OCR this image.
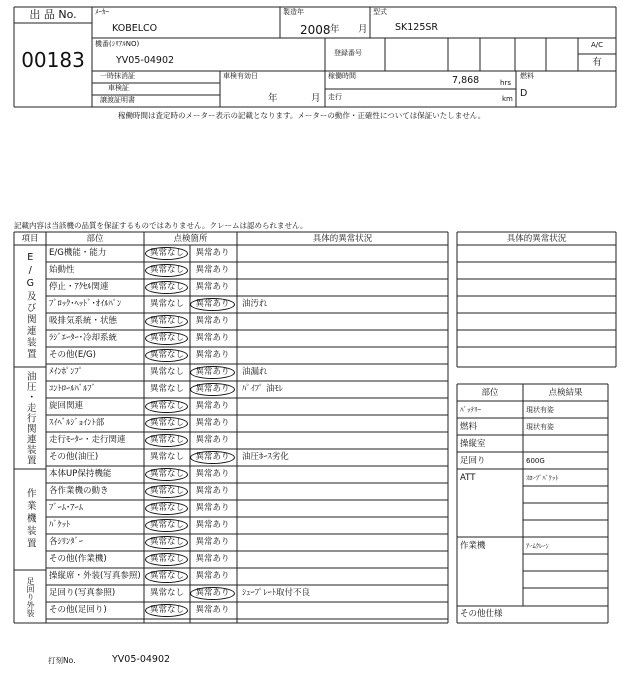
出 品 No.
00183
ﾒｰｶｰ
KOBELCO
製造年
2008 年 月
型式
SK125SR
機番(ｼﾘｱﾙNO)
YV05-04902
登録番号
A/C
有
一時抹消証
車検証
譲渡証明書
車検有効日
年	月
稼働時間	7,868	hrs
走行	km
燃料
D
稼働時間は査定時のメーター表示の記載となります。メーターの動作・正確性については保証いたしません。
記載内容は当該機の品質を保証するものではありません。クレームは認められません。
項目	部位	点検箇所	具体的異常状況
E/G及び関連装置
油圧・走行関連装置
作業機装置
足回り外装
E/G機能・能力	異常なし	異常あり
始動性	異常なし	異常あり
停止・ｱｸｾﾙ関連	異常なし	異常あり
ﾌﾞﾛｯｸ･ﾍｯﾄﾞ･ｵｲﾙﾊﾟﾝ	異常なし	異常あり	油汚れ
吸排気系統・状態	異常なし	異常あり
ﾗｼﾞｴｰﾀｰ･冷却系統	異常なし	異常あり
その他(E/G)	異常なし	異常あり
ﾒｲﾝﾎﾟﾝﾌﾟ	異常なし	異常あり	油漏れ
ｺﾝﾄﾛｰﾙﾊﾞﾙﾌﾞ	異常なし	異常あり	ﾊﾟｲﾌﾟ 油ﾓﾚ
旋回関連	異常なし	異常あり
ｽｲﾍﾞﾙｼﾞｮｲﾝﾄ部	異常なし	異常あり
走行ﾓｰﾀｰ・走行関連	異常なし	異常あり
その他(油圧)	異常なし	異常あり	油圧ﾎｰｽ劣化
本体UP保持機能	異常なし	異常あり
各作業機の動き	異常なし	異常あり
ﾌﾞｰﾑ･ｱｰﾑ	異常なし	異常あり
ﾊﾞｹｯﾄ	異常なし	異常あり
各ｼﾘﾝﾀﾞｰ	異常なし	異常あり
その他(作業機)	異常なし	異常あり
操縦席・外装(写真参照)	異常なし	異常あり
足回り(写真参照)	異常なし	異常あり	ｼｭｰﾌﾟﾚｰﾄ取付不良
その他(足回り)	異常なし	異常あり
具体的異常状況
部位	点検結果
ﾊﾞｯﾃﾘｰ	現状有姿
燃料	現状有姿
操縦室
足回り	600G
ATT	ｽﾛｰﾌﾟﾊﾞｹｯﾄ
作業機	ｱｰﾑｸﾚｰﾝ
その他仕様
打刻No.	YV05-04902
